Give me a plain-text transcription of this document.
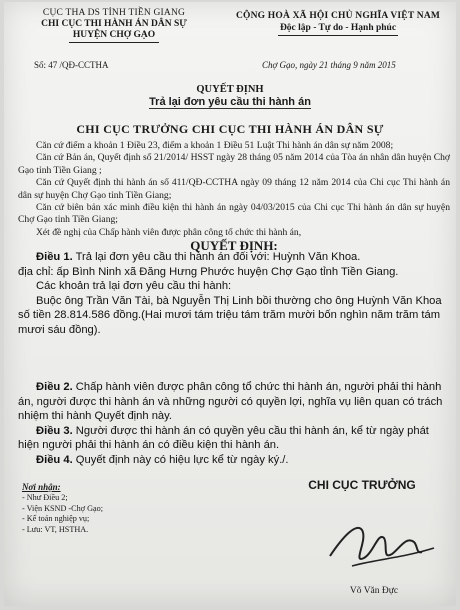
CỤC THA DS TỈNH TIỀN GIANG
CHI CỤC THI HÀNH ÁN DÂN SỰ
HUYỆN CHỢ GẠO
Số: 47 /QĐ-CCTHA
CỘNG HOÀ XÃ HỘI CHỦ NGHĨA VIỆT NAM
Độc lập - Tự do - Hạnh phúc
Chợ Gạo, ngày 21 tháng 9 năm 2015
QUYẾT ĐỊNH
Trả lại đơn yêu cầu thi hành án
CHI CỤC TRƯỞNG CHI CỤC THI HÀNH ÁN DÂN SỰ

Căn cứ điểm a khoản 1 Điều 23, điểm a khoản 1 Điều 51 Luật Thi hành án dân sự năm 2008;

Căn cứ Bản án, Quyết định số 21/2014/ HSST ngày 28 tháng 05 năm 2014 của Tòa án nhân dân huyện Chợ Gạo tỉnh Tiền Giang ;

Căn cứ Quyết định thi hành án số 411/QĐ-CCTHA ngày 09 tháng 12 năm 2014 của Chi cục Thi hành án dân sự huyện Chợ Gạo tỉnh Tiền Giang;

Căn cứ biên bản xác minh điều kiện thi hành án ngày 04/03/2015 của Chi cục Thi hành án dân sự huyện Chợ Gạo tỉnh Tiền Giang;

Xét đề nghị của Chấp hành viên được phân công tổ chức thi hành án,

QUYẾT ĐỊNH:

Điều 1. Trả lại đơn yêu cầu thi hành án đối với: Huỳnh Văn Khoa.

địa chỉ: ấp Bình Ninh xã Đăng Hưng Phước huyện Chợ Gạo tỉnh Tiền Giang.

Các khoản trả lại đơn yêu cầu thi hành:

Buộc ông Trần Văn Tài, bà Nguyễn Thị Linh bồi thường cho ông Huỳnh Văn Khoa số tiền 28.814.586 đồng.(Hai mươi tám triệu tám trăm mười bốn nghìn năm trăm tám mươi sáu đồng).

Điều 2. Chấp hành viên được phân công tổ chức thi hành án, người phải thi hành án, người được thi hành án và những người có quyền lợi, nghĩa vụ liên quan có trách nhiệm thi hành Quyết định này.

Điều 3. Người được thi hành án có quyền yêu cầu thi hành án, kể từ ngày phát hiện người phải thi hành án có điều kiện thi hành án.

Điều 4. Quyết định này có hiệu lực kể từ ngày ký./.

Nơi nhận:
- Như Điều 2;
- Viện KSND -Chợ Gạo;
- Kế toán nghiệp vụ;
- Lưu: VT, HSTHA.
CHI CỤC TRƯỞNG
Võ Văn Đực
